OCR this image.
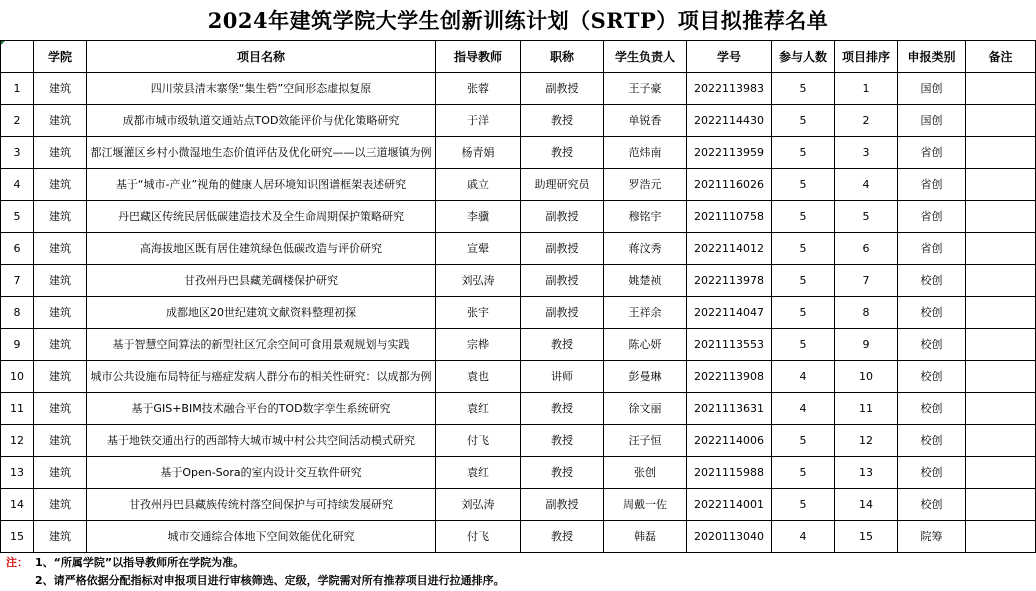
2024年建筑学院大学生创新训练计划（SRTP）项目拟推荐名单
	学院	项目名称	指导教师	职称	学生负责人	学号	参与人数	项目排序	申报类别	备注
1	建筑	四川荥县清末寨堡“集生砦”空间形态虚拟复原	张蓉	副教授	王子豪	2022113983	5	1	国创	
2	建筑	成都市城市级轨道交通站点TOD效能评价与优化策略研究	于洋	教授	单锐香	2022114430	5	2	国创	
3	建筑	都江堰灌区乡村小微湿地生态价值评估及优化研究——以三道堰镇为例	杨青娟	教授	范炜南	2022113959	5	3	省创	
4	建筑	基于“城市-产业”视角的健康人居环境知识图谱框架表述研究	戚立	助理研究员	罗浩元	2021116026	5	4	省创	
5	建筑	丹巴藏区传统民居低碳建造技术及全生命周期保护策略研究	李骥	副教授	穆铭宇	2021110758	5	5	省创	
6	建筑	高海拔地区既有居住建筑绿色低碳改造与评价研究	宣翚	副教授	蒋汶秀	2022114012	5	6	省创	
7	建筑	甘孜州丹巴县藏羌碉楼保护研究	刘弘涛	副教授	姚楚祯	2022113978	5	7	校创	
8	建筑	成都地区20世纪建筑文献资料整理初探	张宇	副教授	王祥余	2022114047	5	8	校创	
9	建筑	基于智慧空间算法的新型社区冗余空间可食用景观规划与实践	宗桦	教授	陈心妍	2021113553	5	9	校创	
10	建筑	城市公共设施布局特征与癌症发病人群分布的相关性研究：以成都为例	袁也	讲师	彭曼琳	2022113908	4	10	校创	
11	建筑	基于GIS+BIM技术融合平台的TOD数字孪生系统研究	袁红	教授	徐文丽	2021113631	4	11	校创	
12	建筑	基于地铁交通出行的西部特大城市城中村公共空间活动模式研究	付飞	教授	汪子恒	2022114006	5	12	校创	
13	建筑	基于Open-Sora的室内设计交互软件研究	袁红	教授	张创	2021115988	5	13	校创	
14	建筑	甘孜州丹巴县藏族传统村落空间保护与可持续发展研究	刘弘涛	副教授	周戴一佐	2022114001	5	14	校创	
15	建筑	城市交通综合体地下空间效能优化研究	付飞	教授	韩磊	2020113040	4	15	院筹	
注： 1、“所属学院”以指导教师所在学院为准。
2、请严格依据分配指标对申报项目进行审核筛选、定级，学院需对所有推荐项目进行拉通排序。
